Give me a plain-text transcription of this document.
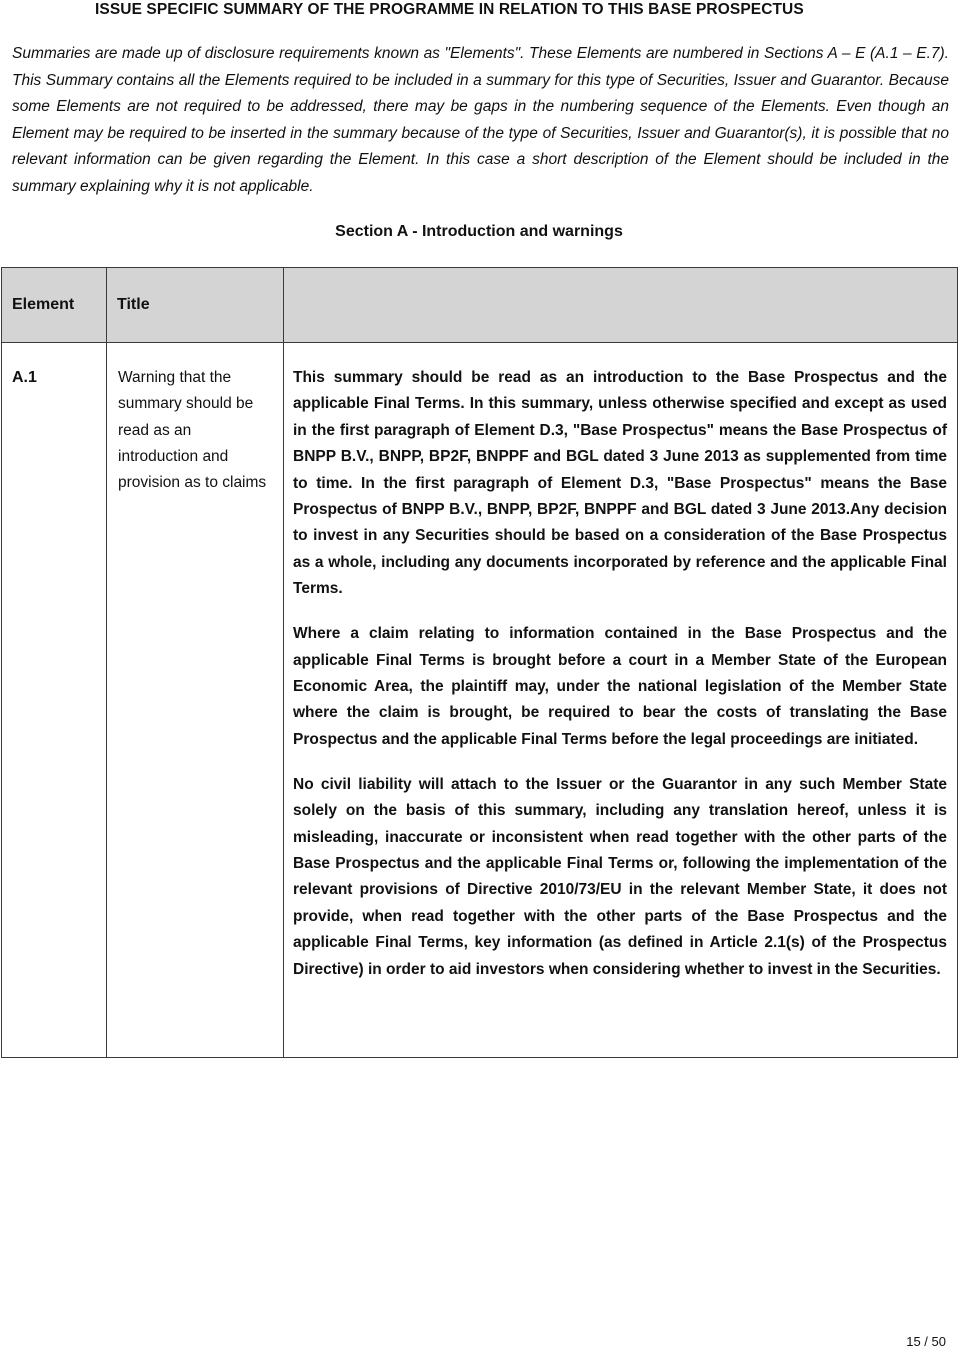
ISSUE SPECIFIC SUMMARY OF THE PROGRAMME IN RELATION TO THIS BASE PROSPECTUS
Summaries are made up of disclosure requirements known as "Elements". These Elements are numbered in Sections A – E (A.1 – E.7). This Summary contains all the Elements required to be included in a summary for this type of Securities, Issuer and Guarantor. Because some Elements are not required to be addressed, there may be gaps in the numbering sequence of the Elements. Even though an Element may be required to be inserted in the summary because of the type of Securities, Issuer and Guarantor(s), it is possible that no relevant information can be given regarding the Element. In this case a short description of the Element should be included in the summary explaining why it is not applicable.
Section A - Introduction and warnings
Element	Title	
A.1	Warning that the summary should be read as an introduction and provision as to claims	This summary should be read as an introduction to the Base Prospectus and the applicable Final Terms. In this summary, unless otherwise specified and except as used in the first paragraph of Element D.3, "Base Prospectus" means the Base Prospectus of BNPP B.V., BNPP, BP2F, BNPPF and BGL dated 3 June 2013 as supplemented from time to time. In the first paragraph of Element D.3, "Base Prospectus" means the Base Prospectus of BNPP B.V., BNPP, BP2F, BNPPF and BGL dated 3 June 2013.Any decision to invest in any Securities should be based on a consideration of the Base Prospectus as a whole, including any documents incorporated by reference and the applicable Final Terms.

Where a claim relating to information contained in the Base Prospectus and the applicable Final Terms is brought before a court in a Member State of the European Economic Area, the plaintiff may, under the national legislation of the Member State where the claim is brought, be required to bear the costs of translating the Base Prospectus and the applicable Final Terms before the legal proceedings are initiated.

No civil liability will attach to the Issuer or the Guarantor in any such Member State solely on the basis of this summary, including any translation hereof, unless it is misleading, inaccurate or inconsistent when read together with the other parts of the Base Prospectus and the applicable Final Terms or, following the implementation of the relevant provisions of Directive 2010/73/EU in the relevant Member State, it does not provide, when read together with the other parts of the Base Prospectus and the applicable Final Terms, key information (as defined in Article 2.1(s) of the Prospectus Directive) in order to aid investors when considering whether to invest in the Securities.

15 / 50
